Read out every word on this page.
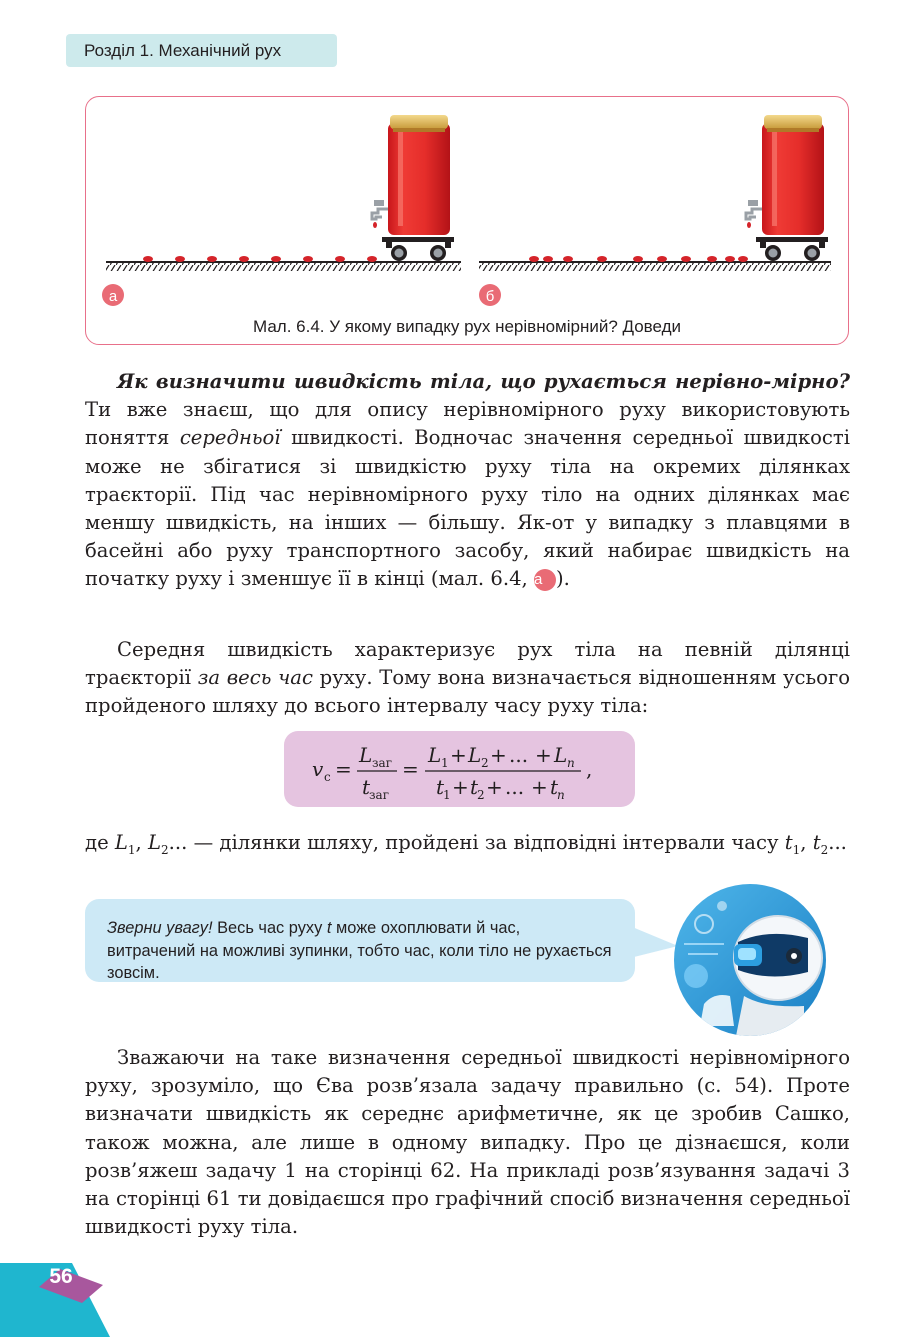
Розділ 1. Механічний рух
а	б
Мал. 6.4. У якому випадку рух нерівномірний? Доведи

Як визначити швидкість тіла, що рухається нерівно-мірно? Ти вже знаєш, що для опису нерівномірного руху використовують поняття середньої швидкості. Водночас значення середньої швидкості може не збігатися зі швидкістю руху тіла на окремих ділянках траєкторії. Під час нерівномірного руху тіло на одних ділянках має меншу швидкість, на інших — більшу. Як-от у випадку з плавцями в басейні або руху транспортного засобу, який набирає швидкість на початку руху і зменшує її в кінці (мал. 6.4, а ).

Середня швидкість характеризує рух тіла на певній ділянці траєкторії за весь час руху. Тому вона визначається відношенням усього пройденого шляху до всього інтервалу часу руху тіла:

v с =
L заг
t
заг
=
L 1 + L 2 + ... + L n
t
1 + t
2 + ... + t
n
,

де $L_1$, $L_2$... — ділянки шляху, пройдені за відповідні інтервали часу $t_1$, $t_2$...

Зверни увагу! Весь час руху t може охоплювати й час, витрачений на можливі зупинки, тобто час, коли тіло не рухається зовсім.

Зважаючи на таке визначення середньої швидкості нерівномірного руху, зрозуміло, що Єва розв’язала задачу правильно (с. 54). Проте визначати швидкість як середнє арифметичне, як це зробив Сашко, також можна, але лише в одному випадку. Про це дізнаєшся, коли розв’яжеш задачу 1 на сторінці 62. На прикладі розв’язування задачі 3 на сторінці 61 ти довідаєшся про графічний спосіб визначення середньої швидкості руху тіла.

56
